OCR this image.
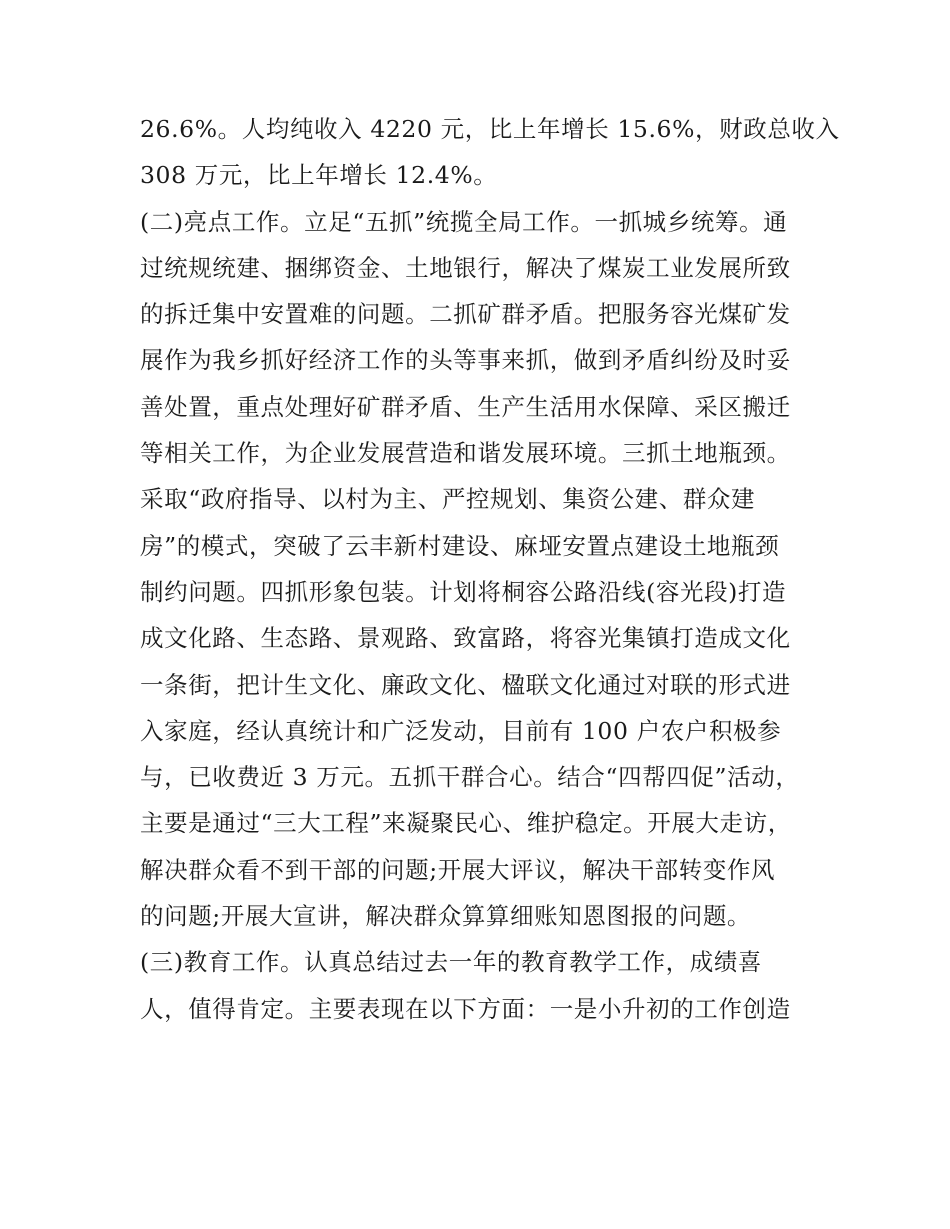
26.6%。人均纯收入 4220 元，比上年增长 15.6%，财政总收入
308 万元，比上年增长 12.4%。
(二)亮点工作。立足“五抓”统揽全局工作。一抓城乡统筹。通
过统规统建、捆绑资金、土地银行，解决了煤炭工业发展所致
的拆迁集中安置难的问题。二抓矿群矛盾。把服务容光煤矿发
展作为我乡抓好经济工作的头等事来抓，做到矛盾纠纷及时妥
善处置，重点处理好矿群矛盾、生产生活用水保障、采区搬迁
等相关工作，为企业发展营造和谐发展环境。三抓土地瓶颈。
采取“政府指导、以村为主、严控规划、集资公建、群众建
房”的模式，突破了云丰新村建设、麻垭安置点建设土地瓶颈
制约问题。四抓形象包装。计划将桐容公路沿线(容光段)打造
成文化路、生态路、景观路、致富路，将容光集镇打造成文化
一条街，把计生文化、廉政文化、楹联文化通过对联的形式进
入家庭，经认真统计和广泛发动，目前有 100 户农户积极参
与，已收费近 3 万元。五抓干群合心。结合“四帮四促”活动，
主要是通过“三大工程”来凝聚民心、维护稳定。开展大走访，
解决群众看不到干部的问题;开展大评议，解决干部转变作风
的问题;开展大宣讲，解决群众算算细账知恩图报的问题。
(三)教育工作。认真总结过去一年的教育教学工作，成绩喜
人，值得肯定。主要表现在以下方面：一是小升初的工作创造
